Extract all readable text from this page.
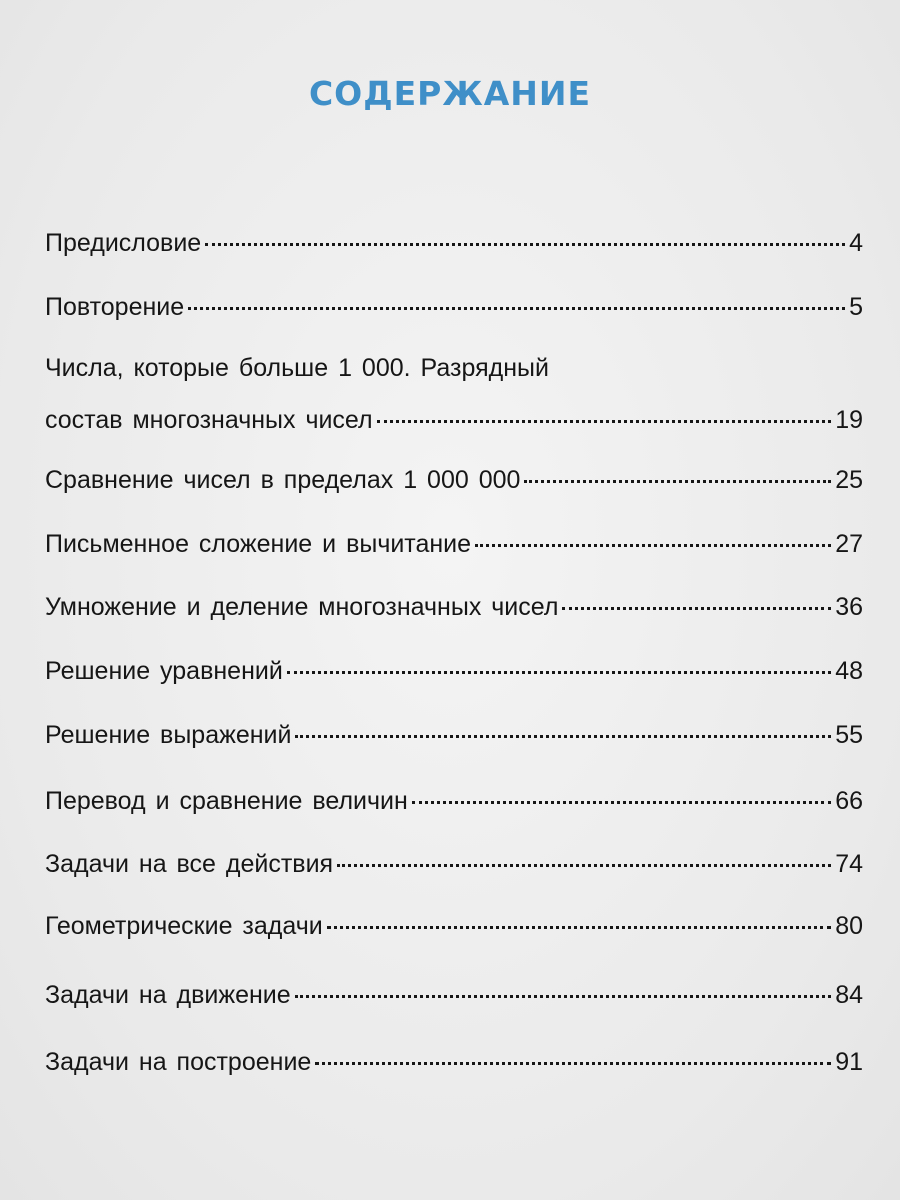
СОДЕРЖАНИЕ
Предисловие	4
Повторение	5
Числа, которые больше 1 000. Разрядный
состав многозначных чисел	19
Сравнение чисел в пределах 1 000 000	25
Письменное сложение и вычитание	27
Умножение и деление многозначных чисел	36
Решение уравнений	48
Решение выражений	55
Перевод и сравнение величин	66
Задачи на все действия	74
Геометрические задачи	80
Задачи на движение	84
Задачи на построение	91
